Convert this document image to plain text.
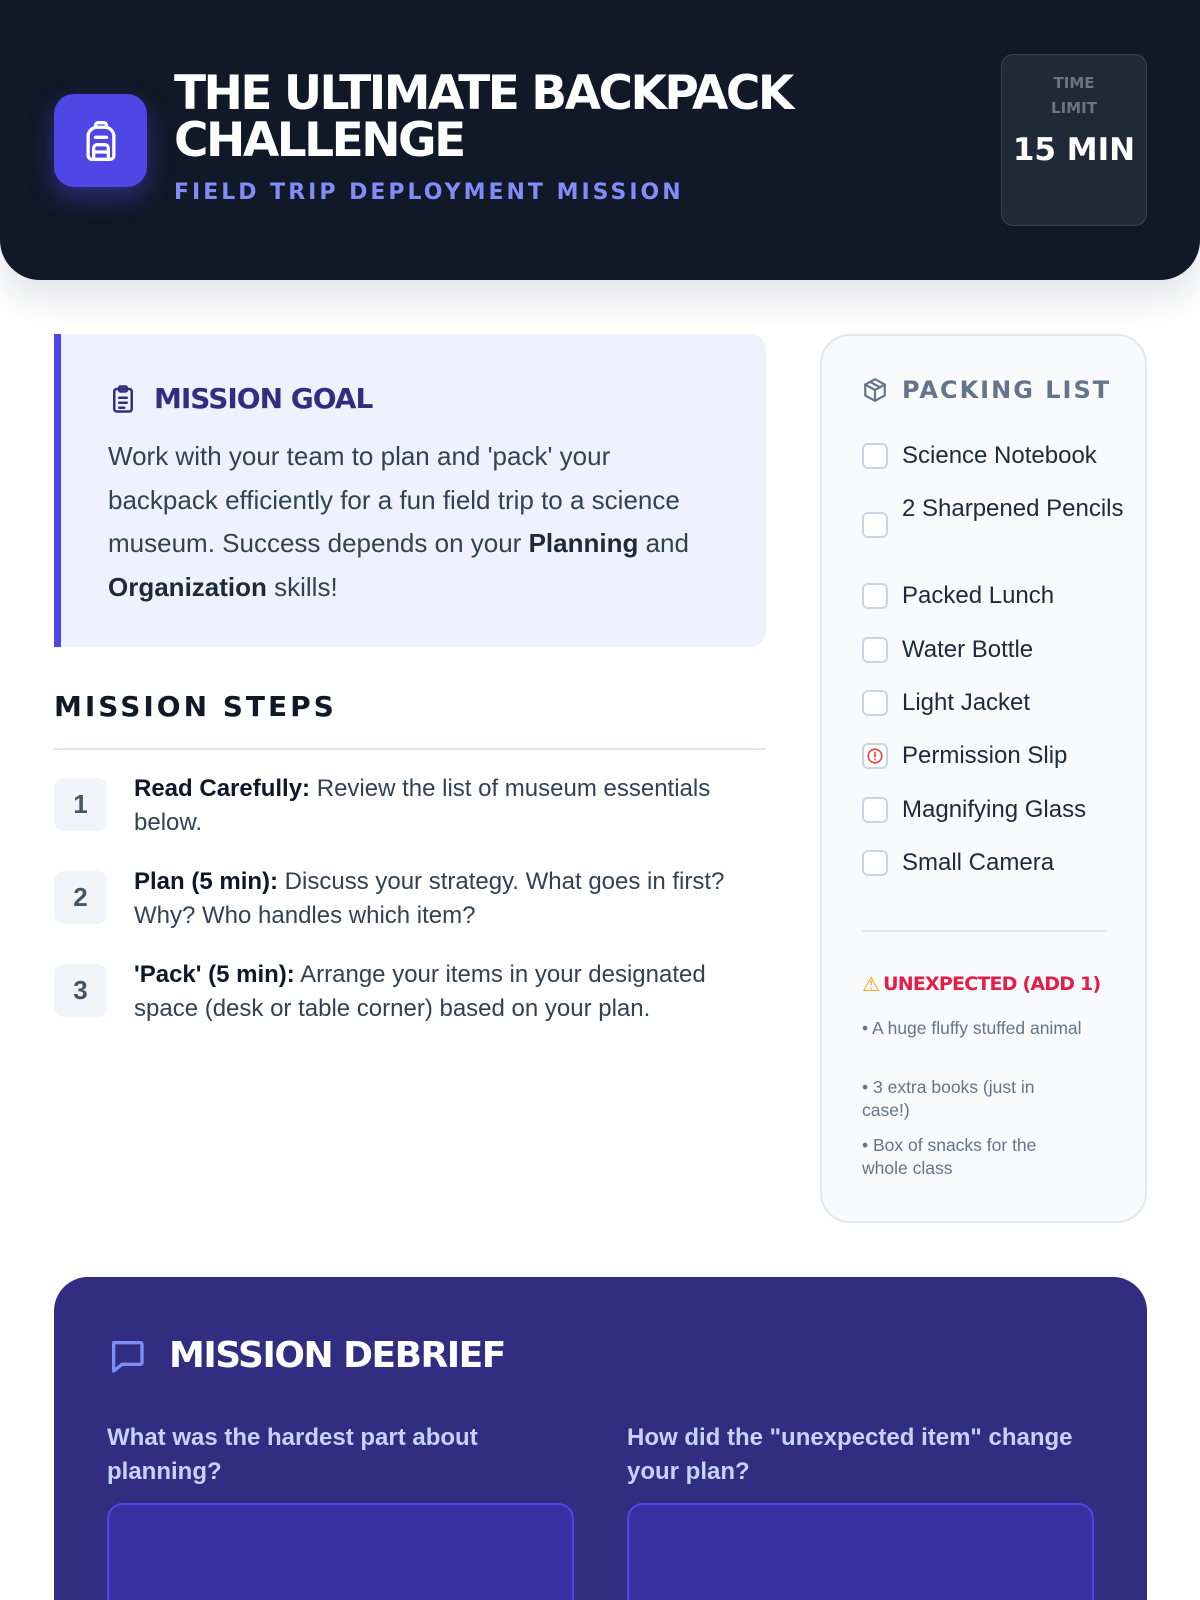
THE ULTIMATE BACKPACK CHALLENGE
FIELD TRIP DEPLOYMENT MISSION
TIME LIMIT
15 MIN
MISSION GOAL

Work with your team to plan and 'pack' your backpack efficiently for a fun field trip to a science museum. Success depends on your Planning and Organization skills!

MISSION STEPS
1

Read Carefully: Review the list of museum essentials below.

2

Plan (5 min): Discuss your strategy. What goes in first? Why? Who handles which item?

3

'Pack' (5 min): Arrange your items in your designated space (desk or table corner) based on your plan.

PACKING LIST
Science Notebook
2 Sharpened Pencils
Packed Lunch
Water Bottle
Light Jacket
Permission Slip
Magnifying Glass
Small Camera
⚠ UNEXPECTED (ADD 1)
• A huge fluffy stuffed animal
• 3 extra books (just in case!)
• Box of snacks for the whole class
MISSION DEBRIEF
What was the hardest part about planning?
How did the "unexpected item" change your plan?
